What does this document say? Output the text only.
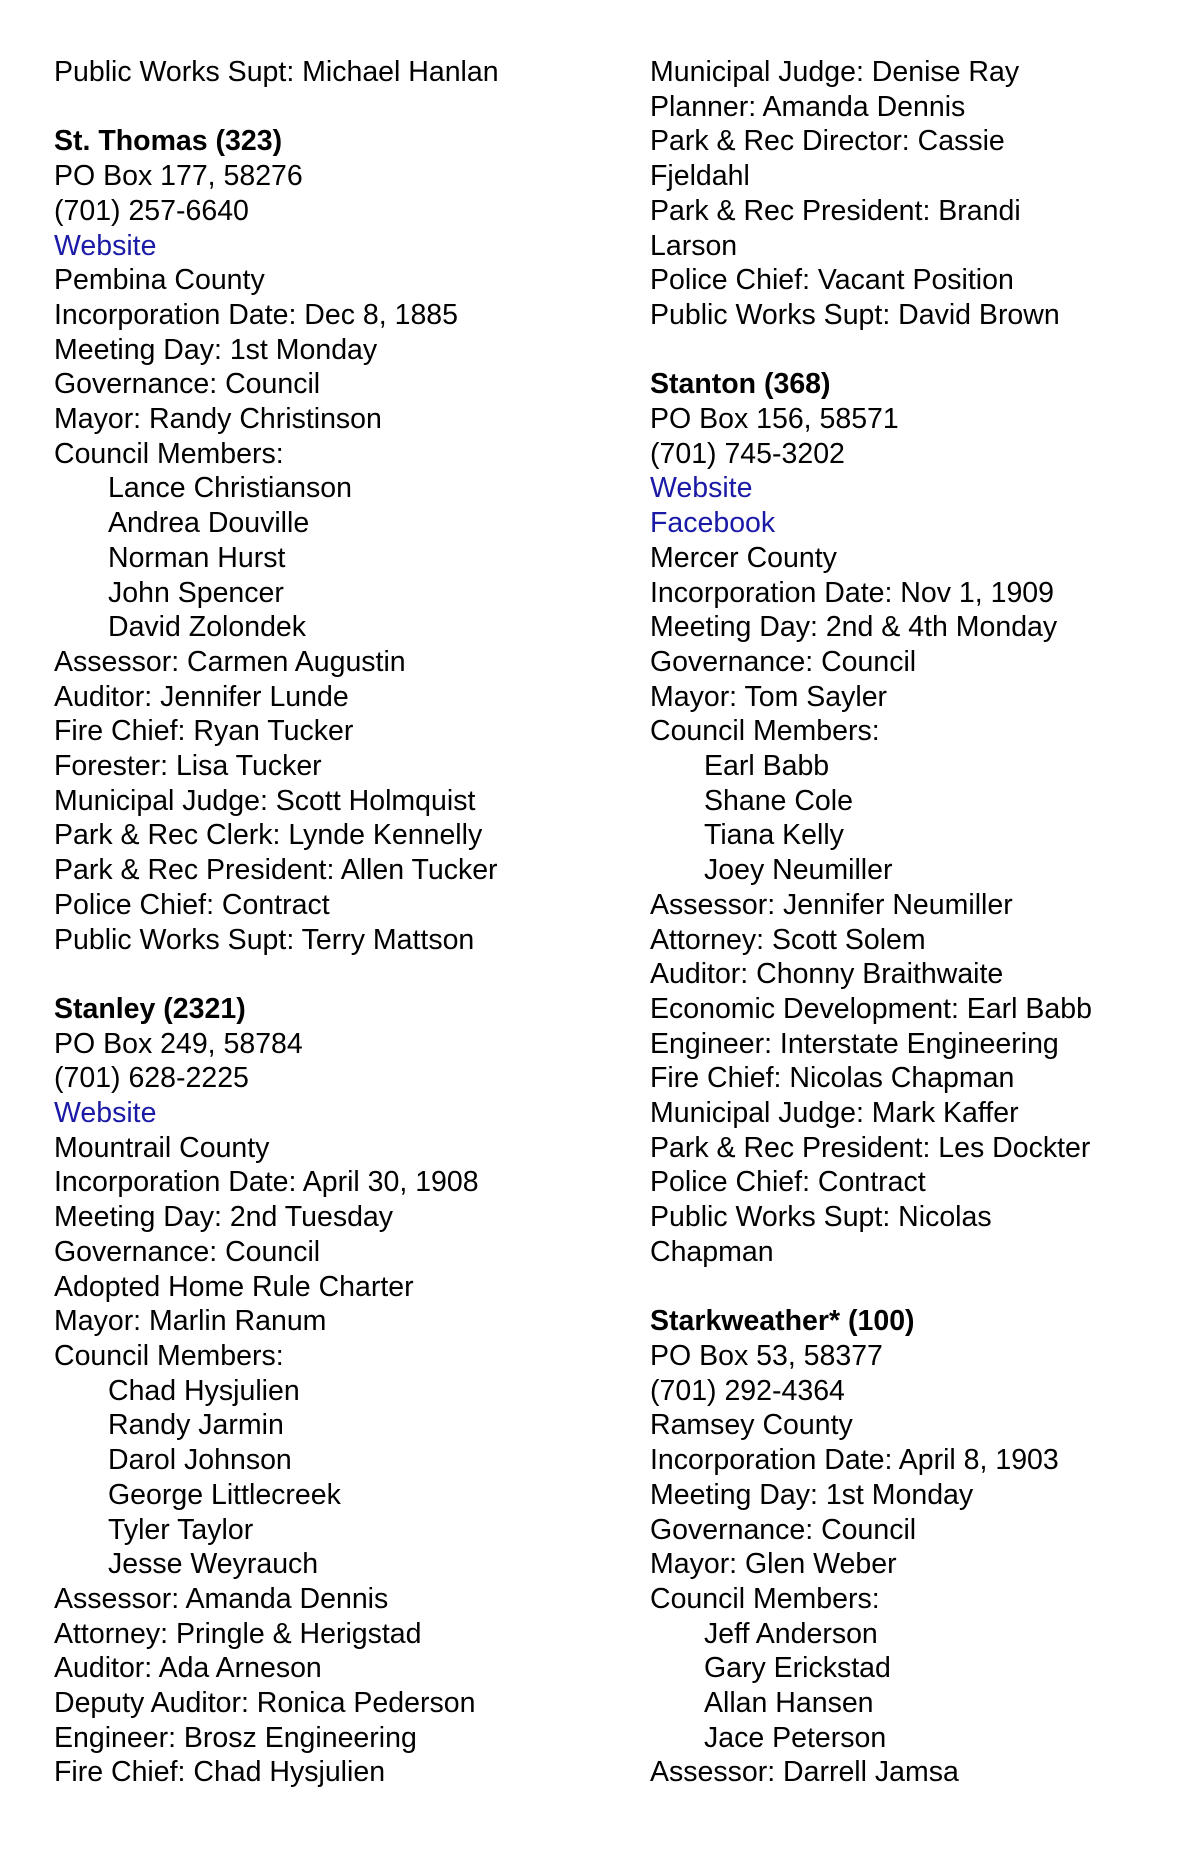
Public Works Supt: Michael Hanlan
St. Thomas (323)
PO Box 177, 58276
(701) 257-6640
Website
Pembina County
Incorporation Date: Dec 8, 1885
Meeting Day: 1st Monday
Governance: Council
Mayor: Randy Christinson
Council Members:
Lance Christianson
Andrea Douville
Norman Hurst
John Spencer
David Zolondek
Assessor: Carmen Augustin
Auditor: Jennifer Lunde
Fire Chief: Ryan Tucker
Forester: Lisa Tucker
Municipal Judge: Scott Holmquist
Park & Rec Clerk: Lynde Kennelly
Park & Rec President: Allen Tucker
Police Chief: Contract
Public Works Supt: Terry Mattson
Stanley (2321)
PO Box 249, 58784
(701) 628-2225
Website
Mountrail County
Incorporation Date: April 30, 1908
Meeting Day: 2nd Tuesday
Governance: Council
Adopted Home Rule Charter
Mayor: Marlin Ranum
Council Members:
Chad Hysjulien
Randy Jarmin
Darol Johnson
George Littlecreek
Tyler Taylor
Jesse Weyrauch
Assessor: Amanda Dennis
Attorney: Pringle & Herigstad
Auditor: Ada Arneson
Deputy Auditor: Ronica Pederson
Engineer: Brosz Engineering
Fire Chief: Chad Hysjulien
Municipal Judge: Denise Ray
Planner: Amanda Dennis
Park & Rec Director: Cassie
Fjeldahl
Park & Rec President: Brandi
Larson
Police Chief: Vacant Position
Public Works Supt: David Brown
Stanton (368)
PO Box 156, 58571
(701) 745-3202
Website
Facebook
Mercer County
Incorporation Date: Nov 1, 1909
Meeting Day: 2nd & 4th Monday
Governance: Council
Mayor: Tom Sayler
Council Members:
Earl Babb
Shane Cole
Tiana Kelly
Joey Neumiller
Assessor: Jennifer Neumiller
Attorney: Scott Solem
Auditor: Chonny Braithwaite
Economic Development: Earl Babb
Engineer: Interstate Engineering
Fire Chief: Nicolas Chapman
Municipal Judge: Mark Kaffer
Park & Rec President: Les Dockter
Police Chief: Contract
Public Works Supt: Nicolas
Chapman
Starkweather* (100)
PO Box 53, 58377
(701) 292-4364
Ramsey County
Incorporation Date: April 8, 1903
Meeting Day: 1st Monday
Governance: Council
Mayor: Glen Weber
Council Members:
Jeff Anderson
Gary Erickstad
Allan Hansen
Jace Peterson
Assessor: Darrell Jamsa
